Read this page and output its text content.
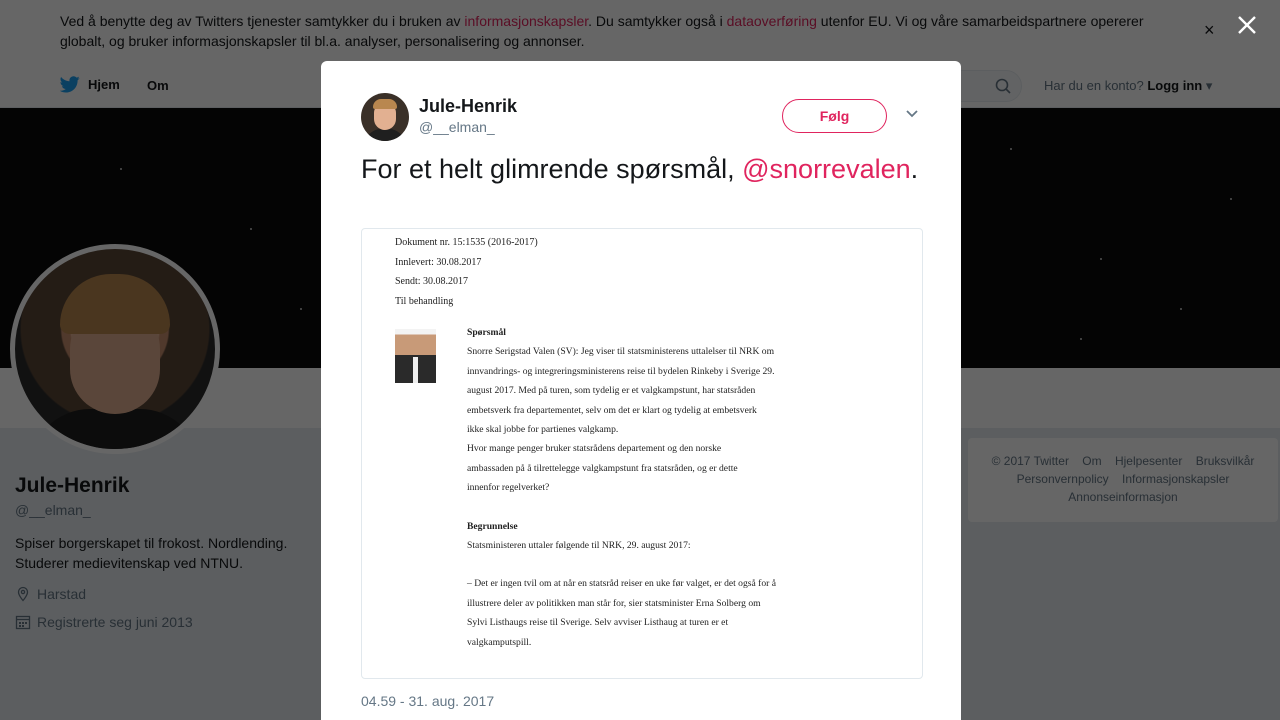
Jule-Henrik
@__elman_
Følg
For et helt glimrende spørsmål, @snorrevalen.
Dokument nr. 15:1535 (2016-2017)
Innlevert: 30.08.2017
Sendt: 30.08.2017
Til behandling
Spørsmål
Snorre Serigstad Valen (SV): Jeg viser til statsministerens uttalelser til NRK om
innvandrings- og integreringsministerens reise til bydelen Rinkeby i Sverige 29.
august 2017. Med på turen, som tydelig er et valgkampstunt, har statsråden
embetsverk fra departementet, selv om det er klart og tydelig at embetsverk
ikke skal jobbe for partienes valgkamp.
Hvor mange penger bruker statsrådens departement og den norske
ambassaden på å tilrettelegge valgkampstunt fra statsråden, og er dette
innenfor regelverket?
Begrunnelse
Statsministeren uttaler følgende til NRK, 29. august 2017:
– Det er ingen tvil om at når en statsråd reiser en uke før valget, er det også for å
illustrere deler av politikken man står for, sier statsminister Erna Solberg om
Sylvi Listhaugs reise til Sverige. Selv avviser Listhaug at turen er et
valgkamputspill.
04.59 - 31. aug. 2017
